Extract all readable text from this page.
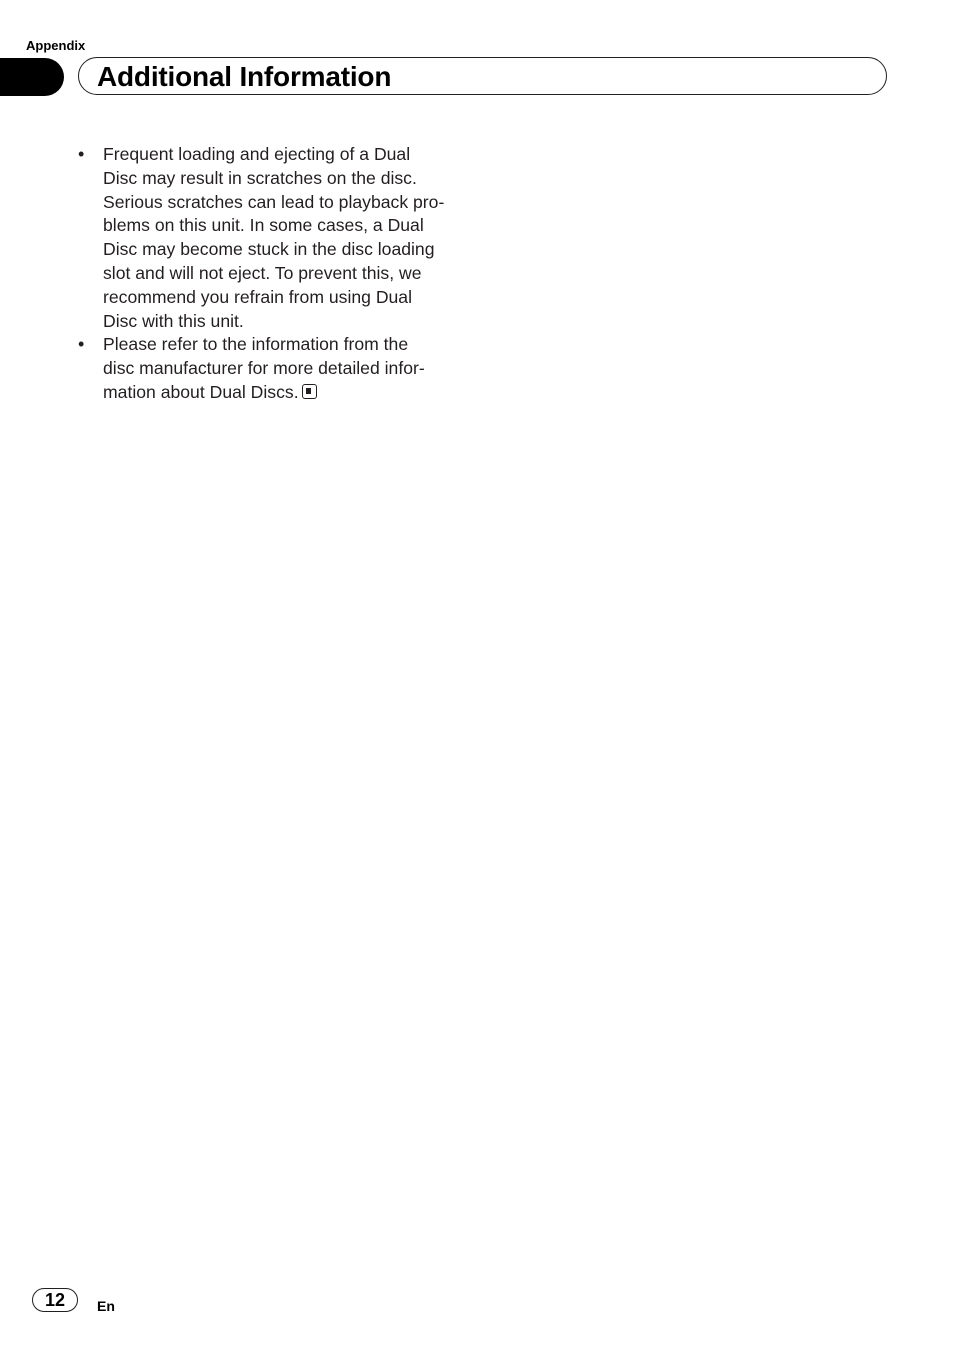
Appendix
Additional Information
• Frequent loading and ejecting of a Dual
Disc may result in scratches on the disc.
Serious scratches can lead to playback pro-
blems on this unit. In some cases, a Dual
Disc may become stuck in the disc loading
slot and will not eject. To prevent this, we
recommend you refrain from using Dual
Disc with this unit.
• Please refer to the information from the
disc manufacturer for more detailed infor-
mation about Dual Discs.
12	En
